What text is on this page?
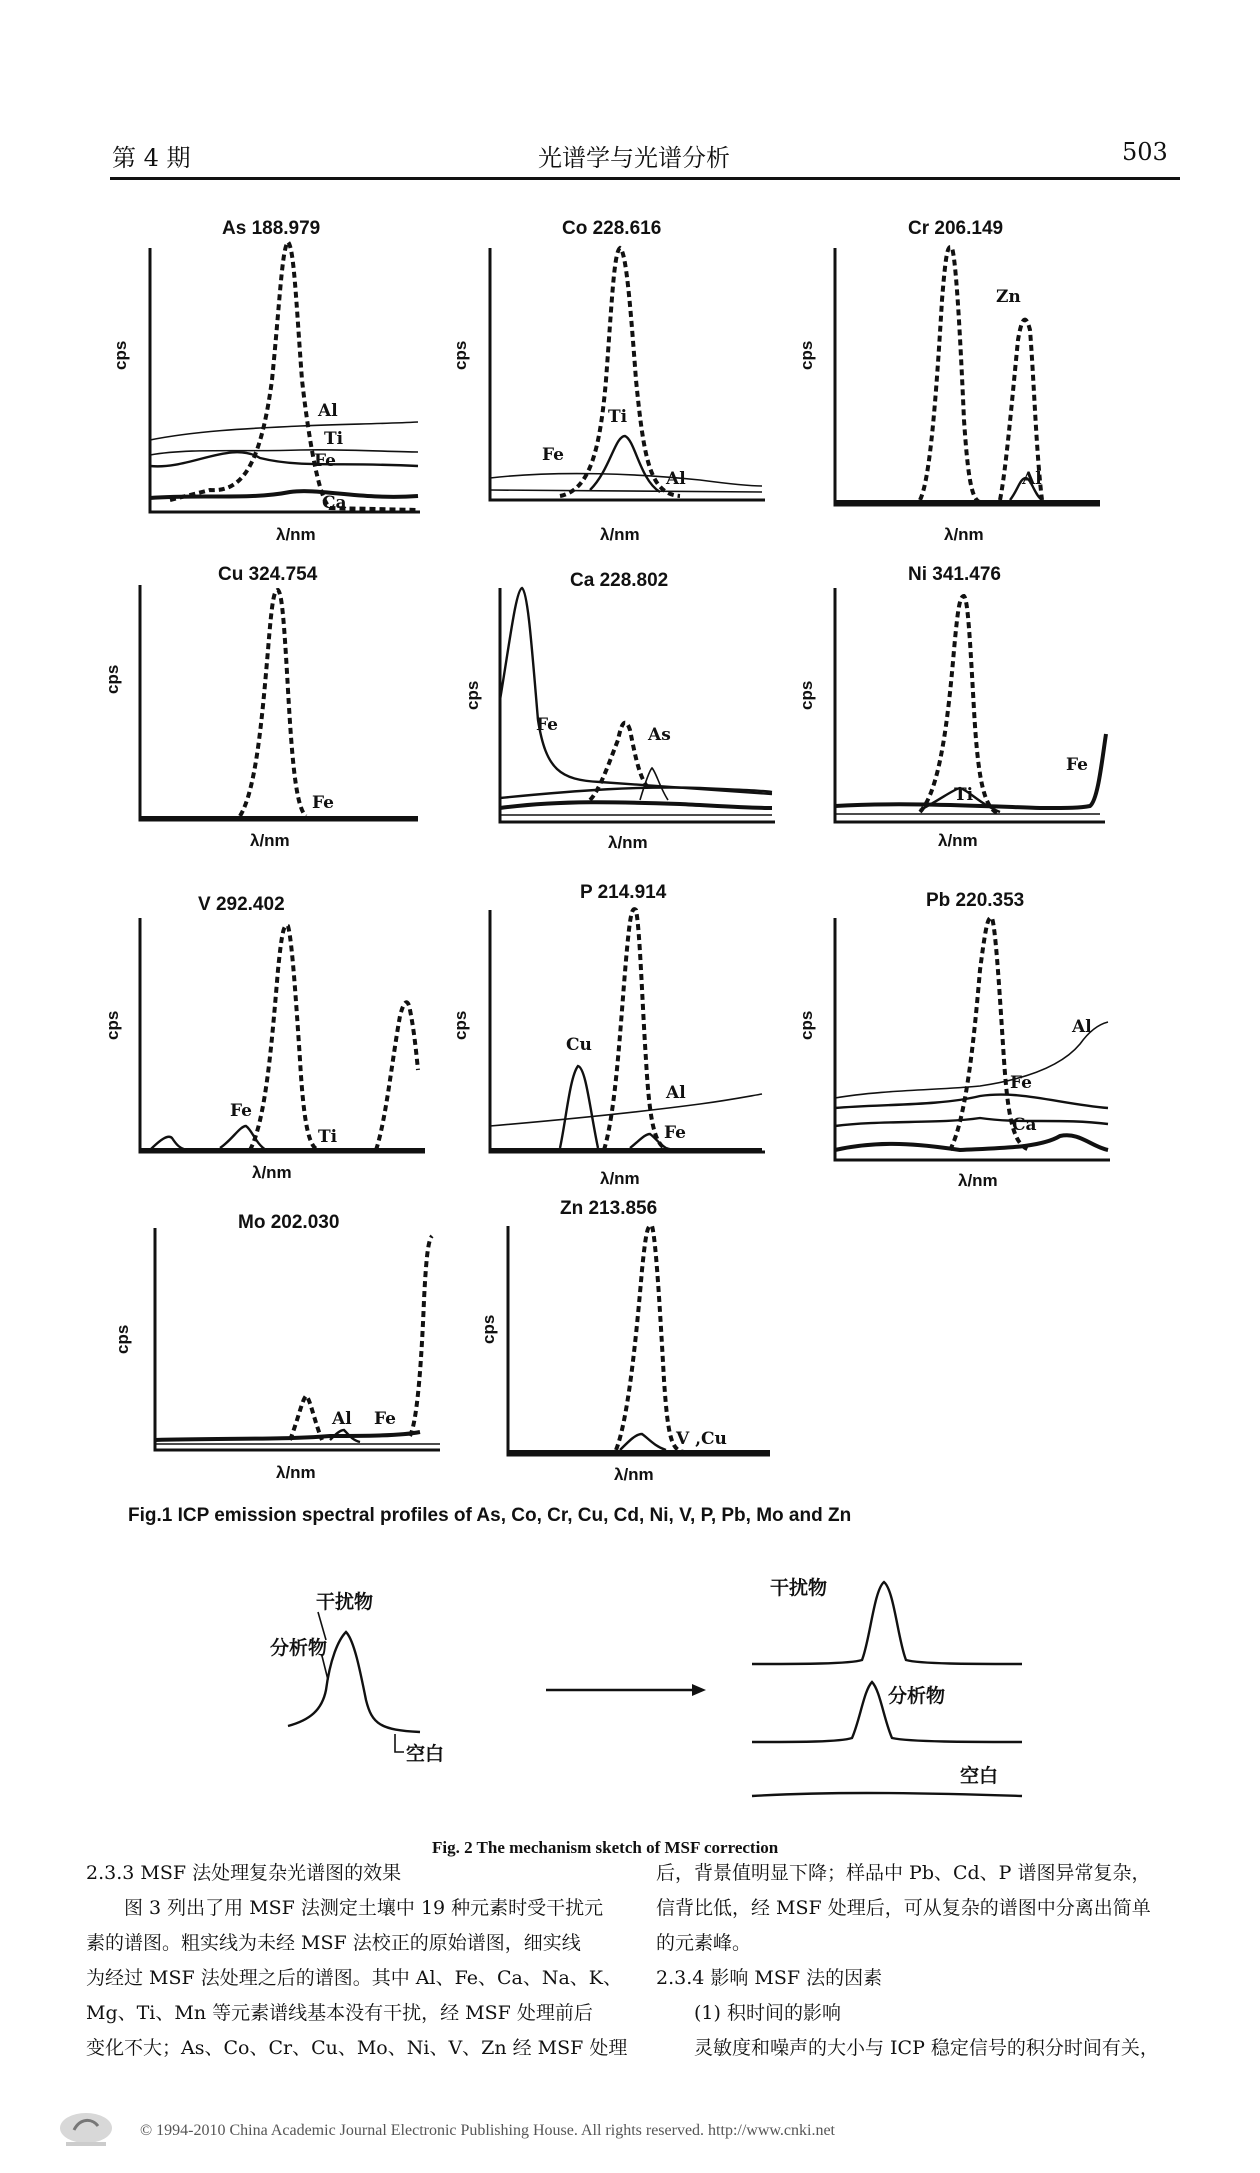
第 4 期	光谱学与光谱分析	503
As 188.979
cps
λ/nm
Al
Ti
Fe
Ca
Co 228.616
cps
λ/nm
Fe
Ti
Al
Cr 206.149
cps
λ/nm
Zn
Al
Cu 324.754
cps
λ/nm
Fe
Ca 228.802
cps
λ/nm
Fe	As
Ni 341.476
cps
λ/nm
Fe
Ti
V 292.402
cps
λ/nm
Fe
Ti
P 214.914
cps
λ/nm
Cu
Al
Fe
Pb 220.353
cps
λ/nm
Al
Fe
Ca
Mo 202.030
cps
λ/nm
Al Fe
Zn 213.856
cps
λ/nm
V ,Cu
Fig.1 ICP emission spectral profiles of As, Co, Cr, Cu, Cd, Ni, V, P, Pb, Mo and Zn
干扰物
分析物
空白
干扰物
分析物
空白
Fig. 2 The mechanism sketch of MSF correction
2.3.3 MSF 法处理复杂光谱图的效果
　　图 3 列出了用 MSF 法测定土壤中 19 种元素时受干扰元
素的谱图。粗实线为未经 MSF 法校正的原始谱图，细实线
为经过 MSF 法处理之后的谱图。其中 Al、Fe、Ca、Na、K、
Mg、Ti、Mn 等元素谱线基本没有干扰，经 MSF 处理前后
变化不大；As、Co、Cr、Cu、Mo、Ni、V、Zn 经 MSF 处理
后，背景值明显下降；样品中 Pb、Cd、P 谱图异常复杂，
信背比低，经 MSF 处理后，可从复杂的谱图中分离出简单
的元素峰。
2.3.4 影响 MSF 法的因素
　　(1) 积时间的影响
　　灵敏度和噪声的大小与 ICP 稳定信号的积分时间有关，
© 1994-2010 China Academic Journal Electronic Publishing House. All rights reserved. http://www.cnki.net
